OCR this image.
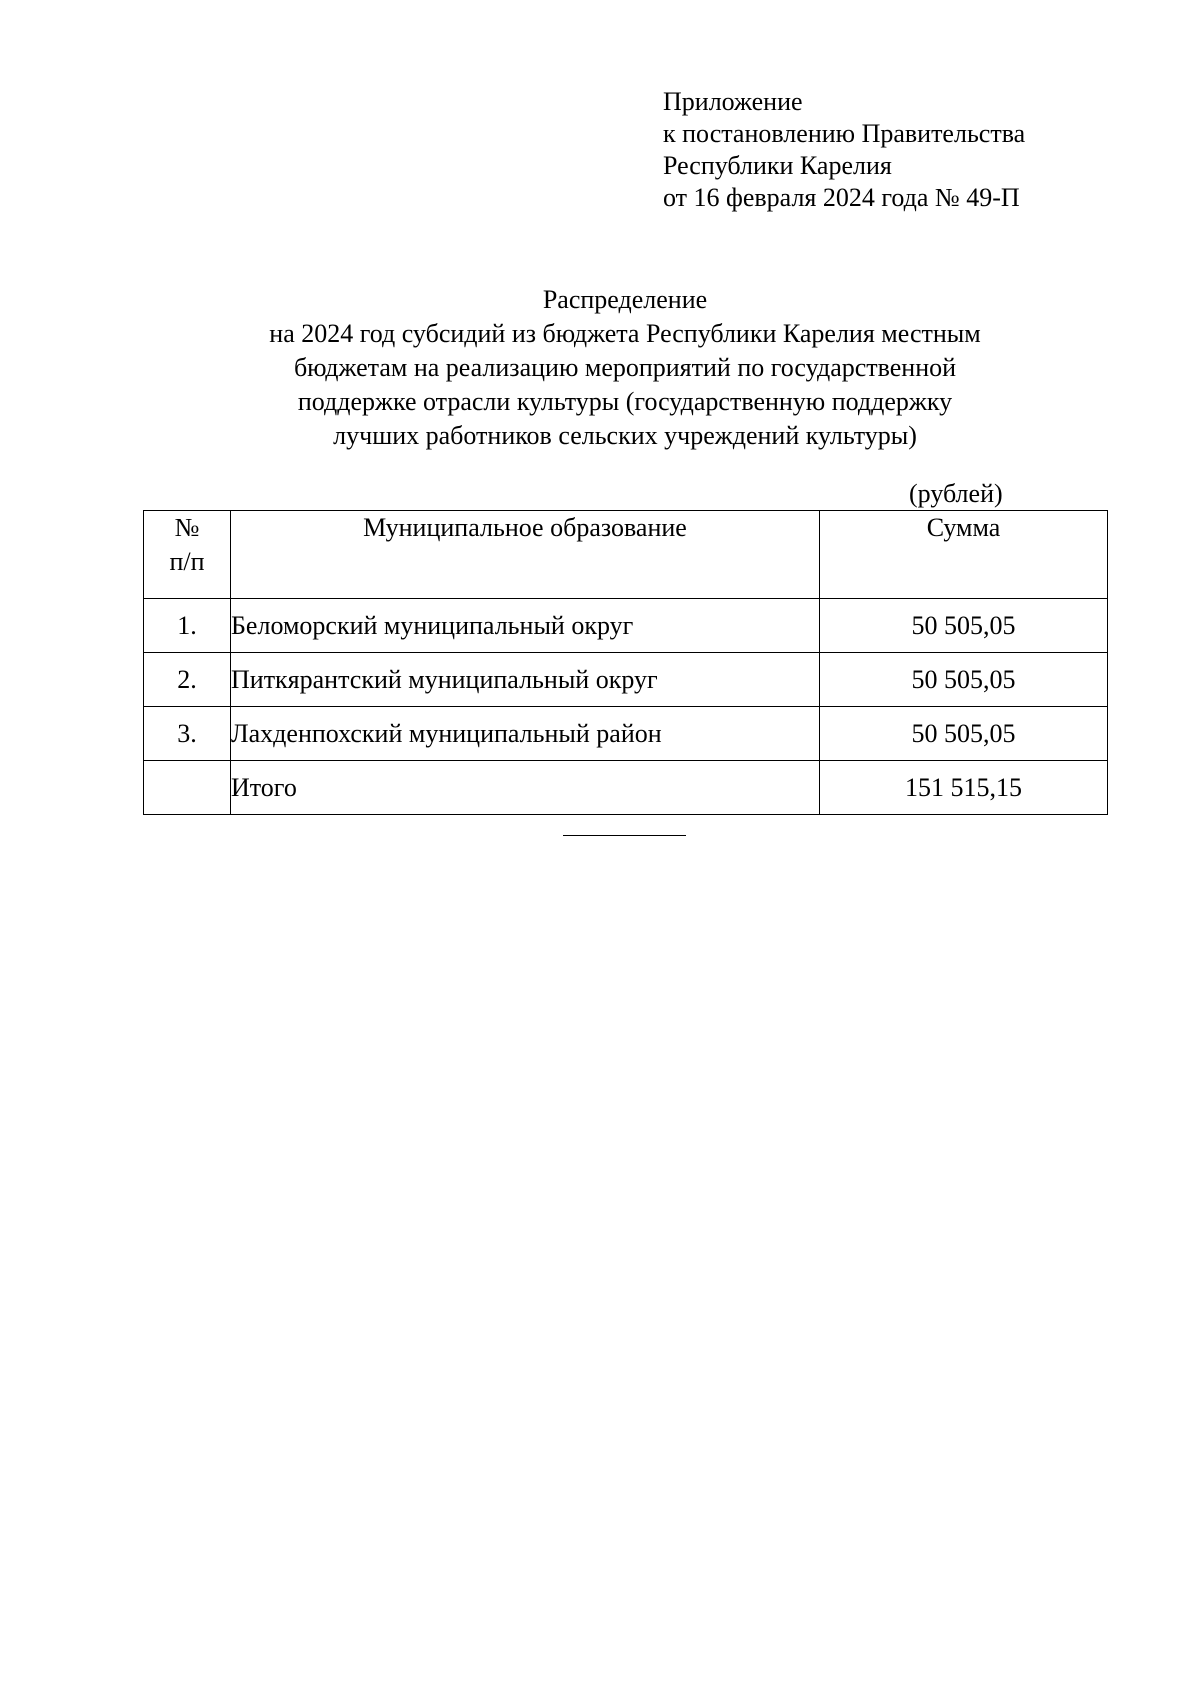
Приложение
к постановлению Правительства
Республики Карелия
от 16 февраля 2024 года № 49-П
Распределение
на 2024 год субсидий из бюджета Республики Карелия местным
бюджетам на реализацию мероприятий по государственной
поддержке отрасли культуры (государственную поддержку
лучших работников сельских учреждений культуры)
(рублей)
№
п/п	Муниципальное образование	Сумма
1.	Беломорский муниципальный округ	50 505,05
2.	Питкярантский муниципальный округ	50 505,05
3.	Лахденпохский муниципальный район	50 505,05
	Итого	151 515,15
